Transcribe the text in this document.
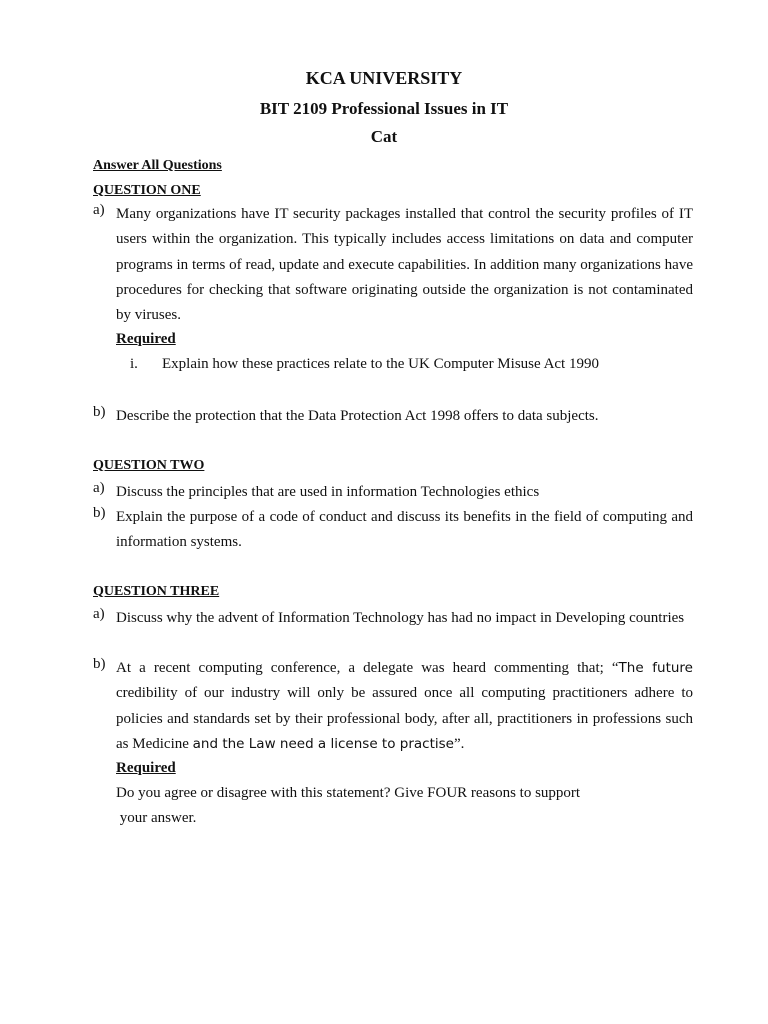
KCA UNIVERSITY
BIT 2109 Professional Issues in IT
Cat
Answer All Questions
QUESTION ONE
a) Many organizations have IT security packages installed that control the security profiles of IT users within the organization. This typically includes access limitations on data and computer programs in terms of read, update and execute capabilities. In addition many organizations have procedures for checking that software originating outside the organization is not contaminated by viruses.
Required
i. Explain how these practices relate to the UK Computer Misuse Act 1990
b) Describe the protection that the Data Protection Act 1998 offers to data subjects.
QUESTION TWO
a) Discuss the principles that are used in information Technologies ethics
b) Explain the purpose of a code of conduct and discuss its benefits in the field of computing and information systems.
QUESTION THREE
a) Discuss why the advent of Information Technology has had no impact in Developing countries
b) At a recent computing conference, a delegate was heard commenting that; “The future credibility of our industry will only be assured once all computing practitioners adhere to policies and standards set by their professional body, after all, practitioners in professions such as Medicine and the Law need a license to practise”.
Required
Do you agree or disagree with this statement? Give FOUR reasons to support
your answer.
